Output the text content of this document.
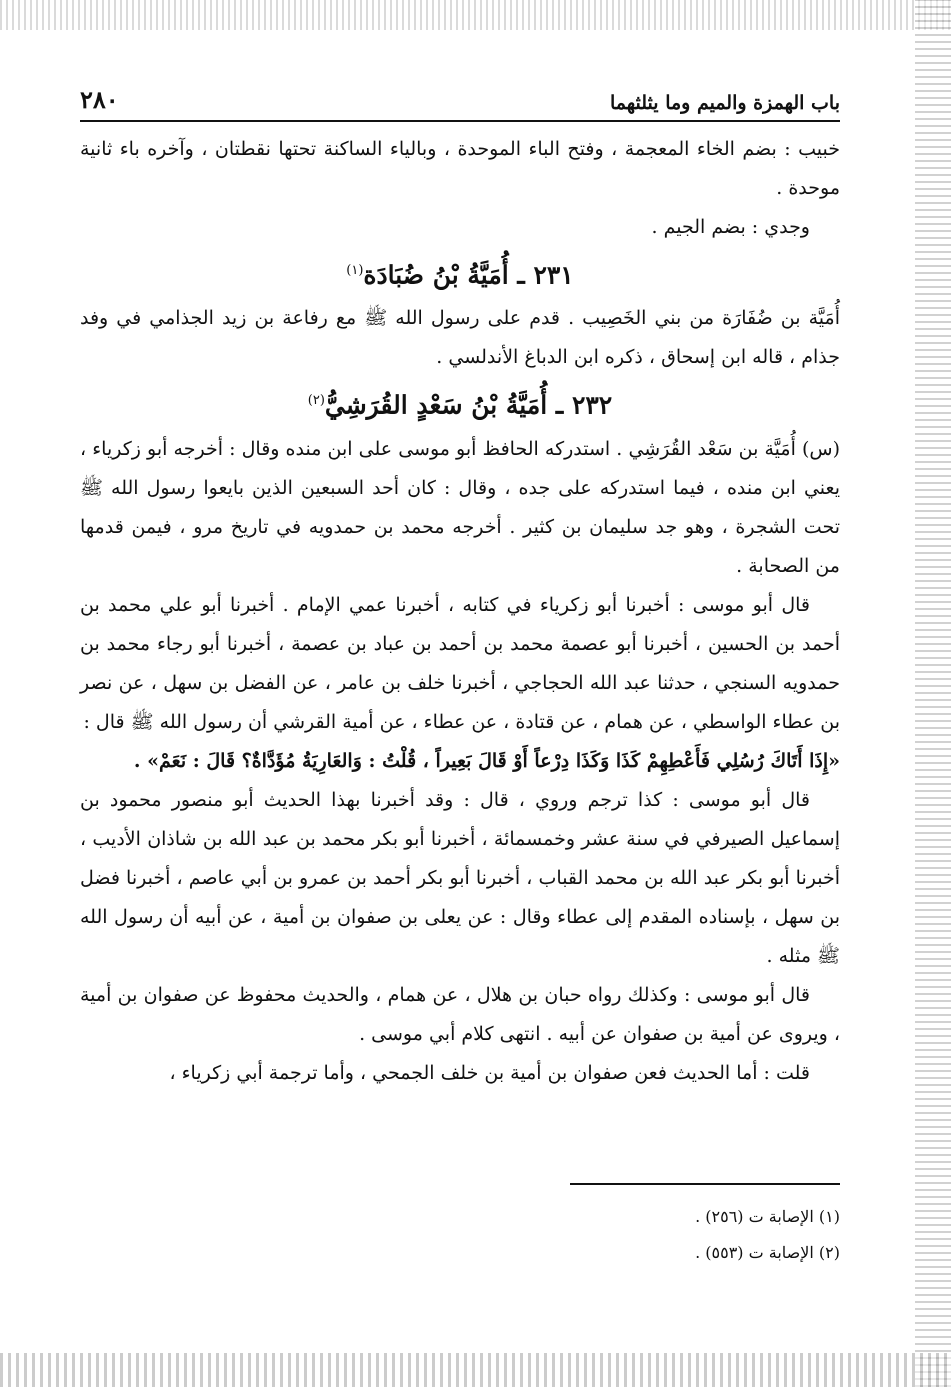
باب الهمزة والميم وما يثلثهما
٢٨٠

خبيب : بضم الخاء المعجمة ، وفتح الباء الموحدة ، وبالياء الساكنة تحتها نقطتان ، وآخره باء ثانية موحدة .

وجدي : بضم الجيم .

٢٣١ ـ أُمَيَّةُ بْنُ ضُبَادَة$^{(١)}$

أُمَيَّة بن ضُفَارَة من بني الخَصِيب . قدم على رسول الله ﷺ مع رفاعة بن زيد الجذامي في وفد جذام ، قاله ابن إسحاق ، ذكره ابن الدباغ الأندلسي .

٢٣٢ ـ أُمَيَّةُ بْنُ سَعْدٍ القُرَشِيُّ$^{(٢)}$

(س) أُمَيَّة بن سَعْد القُرَشِي . استدركه الحافظ أبو موسى على ابن منده وقال : أخرجه أبو زكرياء ، يعني ابن منده ، فيما استدركه على جده ، وقال : كان أحد السبعين الذين بايعوا رسول الله ﷺ تحت الشجرة ، وهو جد سليمان بن كثير . أخرجه محمد بن حمدويه في تاريخ مرو ، فيمن قدمها من الصحابة .

قال أبو موسى : أخبرنا أبو زكرياء في كتابه ، أخبرنا عمي الإمام . أخبرنا أبو علي محمد بن أحمد بن الحسين ، أخبرنا أبو عصمة محمد بن أحمد بن عباد بن عصمة ، أخبرنا أبو رجاء محمد بن حمدويه السنجي ، حدثنا عبد الله الحجاجي ، أخبرنا خلف بن عامر ، عن الفضل بن سهل ، عن نصر بن عطاء الواسطي ، عن همام ، عن قتادة ، عن عطاء ، عن أمية القرشي أن رسول الله ﷺ قال :

«إِذَا أَتَاكَ رُسُلِي فَأَعْطِهِمْ كَذَا وَكَذَا دِرْعاً أَوْ قَالَ بَعِيراً ، قُلْتُ : وَالعَارِيَةُ مُؤَدَّاةٌ؟ قَالَ : نَعَمْ» .

قال أبو موسى : كذا ترجم وروي ، قال : وقد أخبرنا بهذا الحديث أبو منصور محمود بن إسماعيل الصيرفي في سنة عشر وخمسمائة ، أخبرنا أبو بكر محمد بن عبد الله بن شاذان الأديب ، أخبرنا أبو بكر عبد الله بن محمد القباب ، أخبرنا أبو بكر أحمد بن عمرو بن أبي عاصم ، أخبرنا فضل بن سهل ، بإسناده المقدم إلى عطاء وقال : عن يعلى بن صفوان بن أمية ، عن أبيه أن رسول الله ﷺ مثله .

قال أبو موسى : وكذلك رواه حبان بن هلال ، عن همام ، والحديث محفوظ عن صفوان بن أمية ، ويروى عن أمية بن صفوان عن أبيه . انتهى كلام أبي موسى .

قلت : أما الحديث فعن صفوان بن أمية بن خلف الجمحي ، وأما ترجمة أبي زكرياء ،

(١) الإصابة ت (٢٥٦) .

(٢) الإصابة ت (٥٥٣) .
